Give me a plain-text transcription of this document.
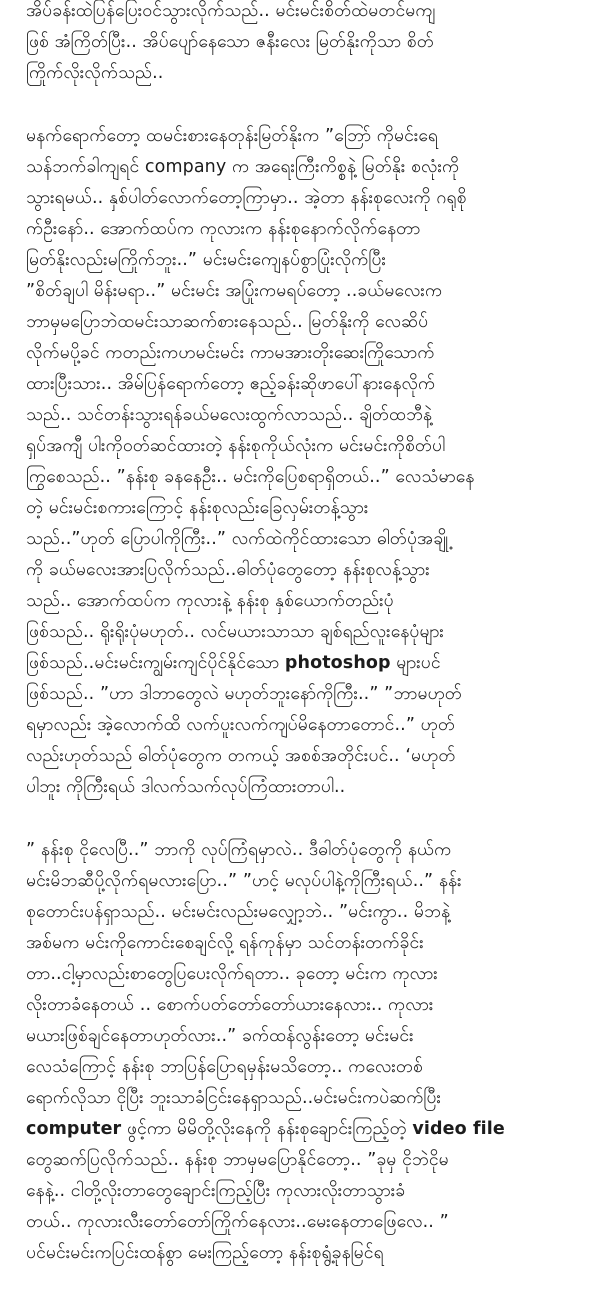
အိပ်ခန်းထဲပြန်ပြေးဝင်သွားလိုက်သည်.. မင်းမင်းစိတ်ထဲမတင်မကျ
ဖြစ် အံကြိတ်ပြီး.. အိပ်ပျော်နေသော ဇနီးလေး မြတ်နိုးကိုသာ စိတ်
ကြိုက်လိုးလိုက်သည်..
မနက်ရောက်တော့ ထမင်းစားနေတုန်းမြတ်နိုးက ”ဘြော် ကိုမင်းရေ
သန်ဘက်ခါကျရင် company က အရေးကြီးကိစ္စနဲ့ မြတ်နိုး စလုံးကို
သွားရမယ်.. နှစ်ပါတ်လောက်တော့ကြာမှာ.. အဲ့တာ နန်းစုလေးကို ဂရုစို
က်ဦးနော်.. အောက်ထပ်က ကုလားက နန်းစုနောက်လိုက်နေတာ
မြတ်နိုးလည်းမကြိုက်ဘူး..” မင်းမင်းကျေနပ်စွာပြုံးလိုက်ပြီး
”စိတ်ချပါ မိန်းမရာ..” မင်းမင်း အပြုံးကမရပ်တော့ ..ခယ်မလေးက
ဘာမှမပြောဘဲထမင်းသာဆက်စားနေသည်.. မြတ်နိုးကို လေဆိပ်
လိုက်မပို့ခင် ကတည်းကဟမင်းမင်း ကာမအားတိုးဆေးကြိုသောက်
ထားပြီးသား.. အိမ်ပြန်ရောက်တော့ ဧည့်ခန်းဆိုဖာပေါ်နားနေလိုက်
သည်.. သင်တန်းသွားရန်ခယ်မလေးထွက်လာသည်.. ချိတ်ထဘီနဲ့
ရှပ်အကျီ ပါးကိုဝတ်ဆင်ထားတဲ့ နန်းစုကိုယ်လုံးက မင်းမင်းကိုစိတ်ပါ
ကြွစေသည်.. ”နန်းစု ခနနေဦး.. မင်းကိုပြေစရာရှိတယ်..” လေသံမာနေ
တဲ့ မင်းမင်းစကားကြောင့် နန်းစုလည်းခြေလှမ်းတန့်သွား
သည်..”ဟုတ် ပြောပါကိုကြီး..” လက်ထဲကိုင်ထားသော ဓါတ်ပုံအချို့
ကို ခယ်မလေးအားပြလိုက်သည်..ဓါတ်ပုံတွေတော့ နန်းစုလန့်သွား
သည်.. အောက်ထပ်က ကုလားနဲ့ နန်းစု နှစ်ယောက်တည်းပုံ
ဖြစ်သည်.. ရိုးရိုးပုံမဟုတ်.. လင်မယားသာသာ ချစ်ရည်လူးနေပုံများ
ဖြစ်သည်..မင်းမင်းကျွမ်းကျင်ပိုင်နိုင်သော photoshop များပင်
ဖြစ်သည်.. ”ဟာ ဒါဘာတွေလဲ မဟုတ်ဘူးနော်ကိုကြီး..” ”ဘာမဟုတ်
ရမှာလည်း အဲ့လောက်ထိ လက်ပူးလက်ကျပ်မိနေတာတောင်..” ဟုတ်
လည်းဟုတ်သည် ဓါတ်ပုံတွေက တကယ့် အစစ်အတိုင်းပင်.. ‘မဟုတ်
ပါဘူး ကိုကြီးရယ် ဒါလက်သက်လုပ်ကြံထားတာပါ..
” နန်းစု ငိုလေပြီ..” ဘာကို လုပ်ကြံရမှာလဲ.. ဒီဓါတ်ပုံတွေကို နယ်က
မင်းမိဘဆီပို့လိုက်ရမလားပြော..” ”ဟင့် မလုပ်ပါနဲ့ကိုကြီးရယ်..” နန်း
စုတောင်းပန်ရှာသည်.. မင်းမင်းလည်းမလျှော့ဘဲ.. ”မင်းကွာ.. မိဘနဲ့
အစ်မက မင်းကိုကောင်းစေချင်လို့ ရန်ကုန်မှာ သင်တန်းတက်ခိုင်း
တာ..ငါ့မှာလည်းစာတွေပြပေးလိုက်ရတာ.. ခုတော့ မင်းက ကုလား
လိုးတာခံနေတယ် .. စောက်ပတ်တော်တော်ယားနေလား.. ကုလား
မယားဖြစ်ချင်နေတာဟုတ်လား..” ခက်ထန်လွန်းတော့ မင်းမင်း
လေသံကြောင့် နန်းစု ဘာပြန်ပြောရမှန်းမသိတော့.. ကလေးတစ်
ရောက်လိုသာ ငိုပြီး ဘူးသာခံငြင်းနေရှာသည်..မင်းမင်းကပဲဆက်ပြီး
computer ဖွင့်ကာ မိမိတို့လိုးနေကို နန်းစုချောင်းကြည့်တဲ့ video file
တွေဆက်ပြလိုက်သည်.. နန်းစု ဘာမှမပြောနိုင်တော့.. ”ခုမှ ငိုဘဲငိုမ
နေနဲ့.. ငါတို့လိုးတာတွေချောင်းကြည့်ပြီး ကုလားလိုးတာသွားခံ
တယ်.. ကုလားလီးတော်တော်ကြိုက်နေလား..မေးနေတာဖြေလေ.. ”
ပင်မင်းမင်းကပြင်းထန်စွာ မေးကြည့်တော့ နန်းစုရွံ့ခုနမြင်ရ
